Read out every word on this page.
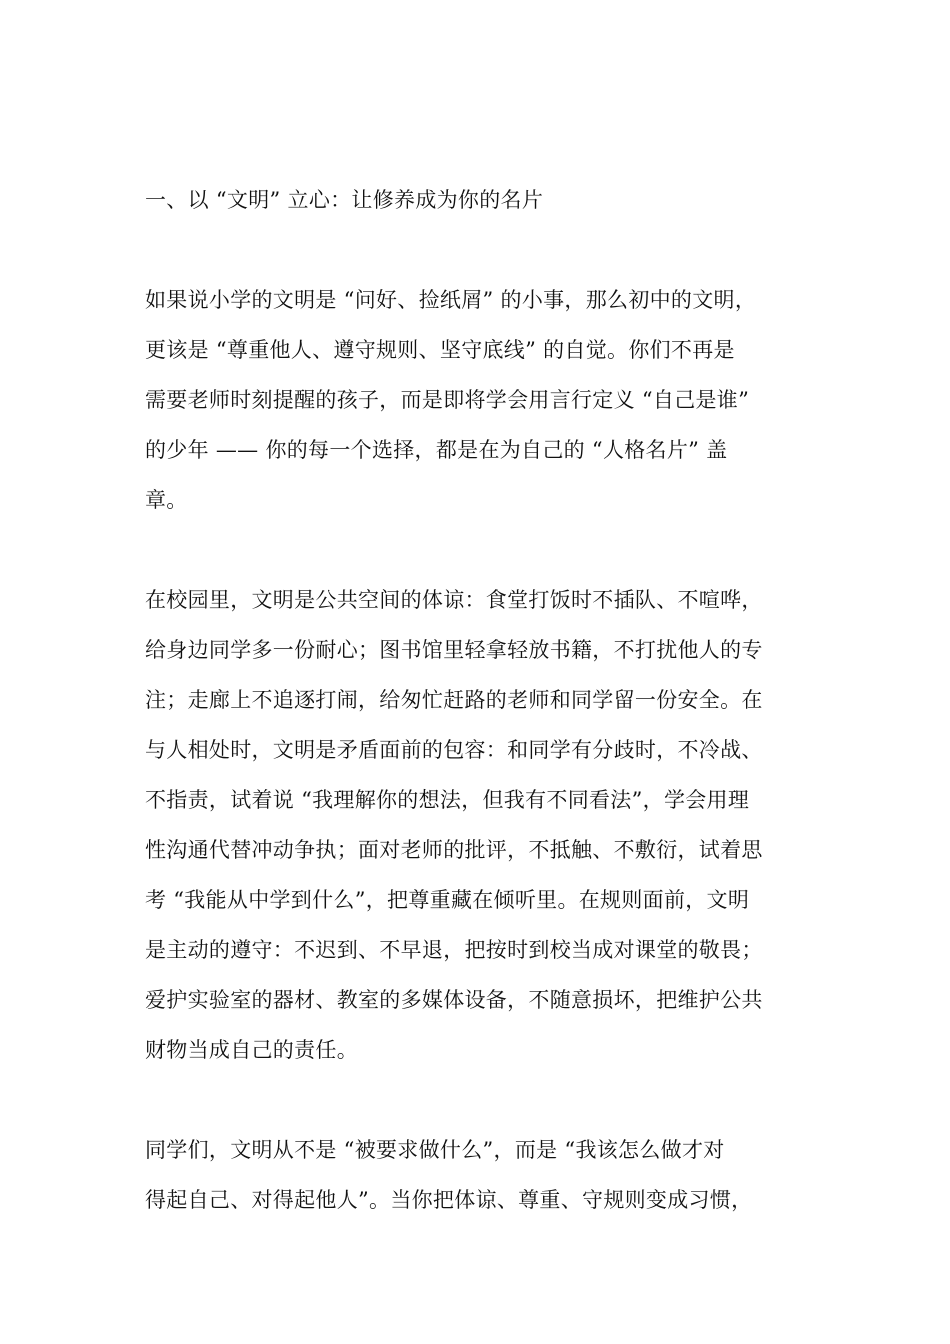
一、以 “文明” 立心：让修养成为你的名片
如果说小学的文明是 “问好、捡纸屑” 的小事，那么初中的文明，
更该是 “尊重他人、遵守规则、坚守底线” 的自觉。你们不再是
需要老师时刻提醒的孩子，而是即将学会用言行定义 “自己是谁”
的少年 —— 你的每一个选择，都是在为自己的 “人格名片” 盖
章。
在校园里，文明是公共空间的体谅：食堂打饭时不插队、不喧哗，
给身边同学多一份耐心；图书馆里轻拿轻放书籍，不打扰他人的专
注；走廊上不追逐打闹，给匆忙赶路的老师和同学留一份安全。在
与人相处时，文明是矛盾面前的包容：和同学有分歧时，不冷战、
不指责，试着说 “我理解你的想法，但我有不同看法”，学会用理
性沟通代替冲动争执；面对老师的批评，不抵触、不敷衍，试着思
考 “我能从中学到什么”，把尊重藏在倾听里。在规则面前，文明
是主动的遵守：不迟到、不早退，把按时到校当成对课堂的敬畏；
爱护实验室的器材、教室的多媒体设备，不随意损坏，把维护公共
财物当成自己的责任。
同学们，文明从不是 “被要求做什么”，而是 “我该怎么做才对
得起自己、对得起他人”。当你把体谅、尊重、守规则变成习惯，
